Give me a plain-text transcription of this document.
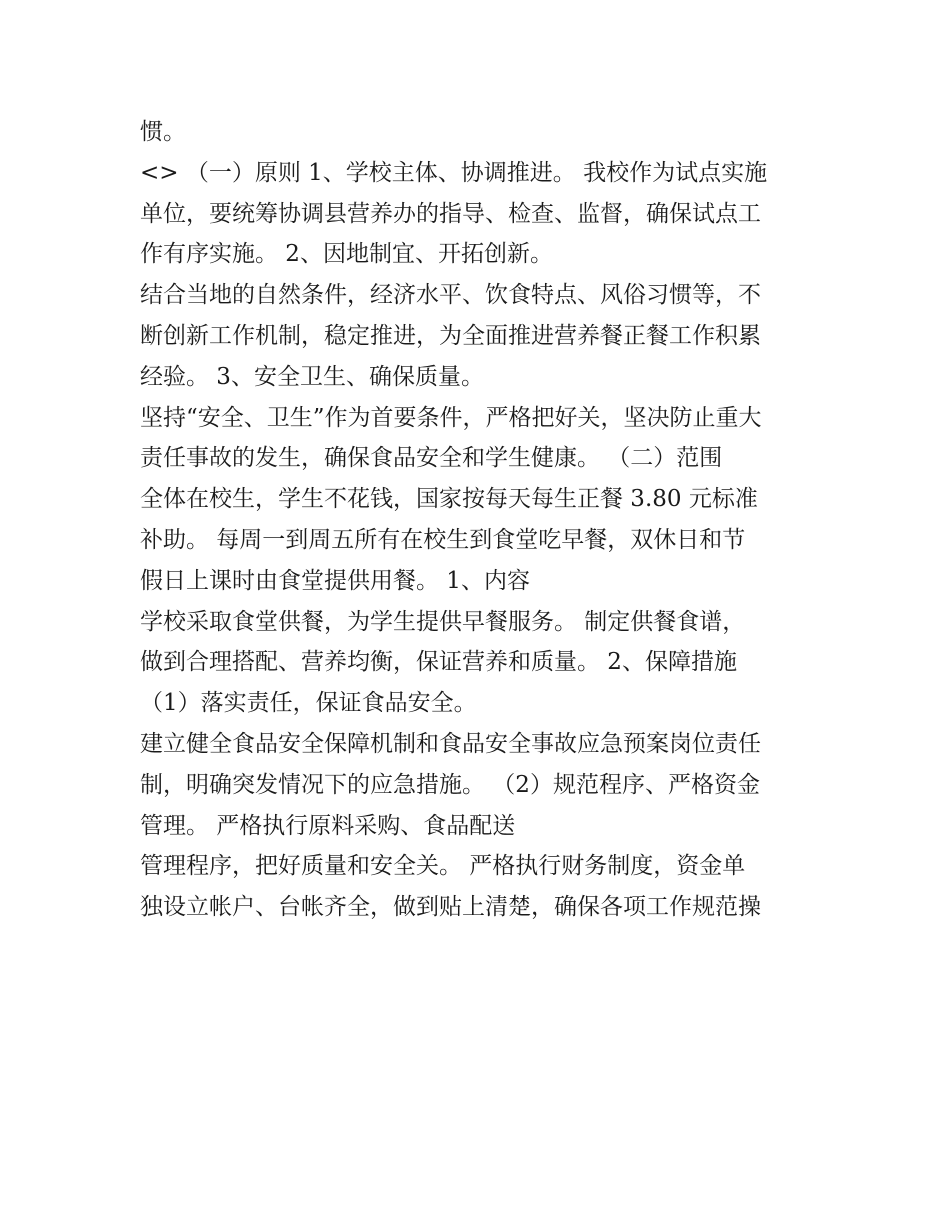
惯。
<> （一）原则 1、学校主体、协调推进。 我校作为试点实施
单位，要统筹协调县营养办的指导、检查、监督，确保试点工
作有序实施。 2、因地制宜、开拓创新。
结合当地的自然条件，经济水平、饮食特点、风俗习惯等，不
断创新工作机制，稳定推进，为全面推进营养餐正餐工作积累
经验。 3、安全卫生、确保质量。
坚持“安全、卫生”作为首要条件，严格把好关，坚决防止重大
责任事故的发生，确保食品安全和学生健康。 （二）范围
全体在校生，学生不花钱，国家按每天每生正餐 3.80 元标准
补助。 每周一到周五所有在校生到食堂吃早餐，双休日和节
假日上课时由食堂提供用餐。 1、内容
学校采取食堂供餐，为学生提供早餐服务。 制定供餐食谱，
做到合理搭配、营养均衡，保证营养和质量。 2、保障措施
（1）落实责任，保证食品安全。
建立健全食品安全保障机制和食品安全事故应急预案岗位责任
制，明确突发情况下的应急措施。 （2）规范程序、严格资金
管理。 严格执行原料采购、食品配送
管理程序，把好质量和安全关。 严格执行财务制度，资金单
独设立帐户、台帐齐全，做到贴上清楚，确保各项工作规范操
